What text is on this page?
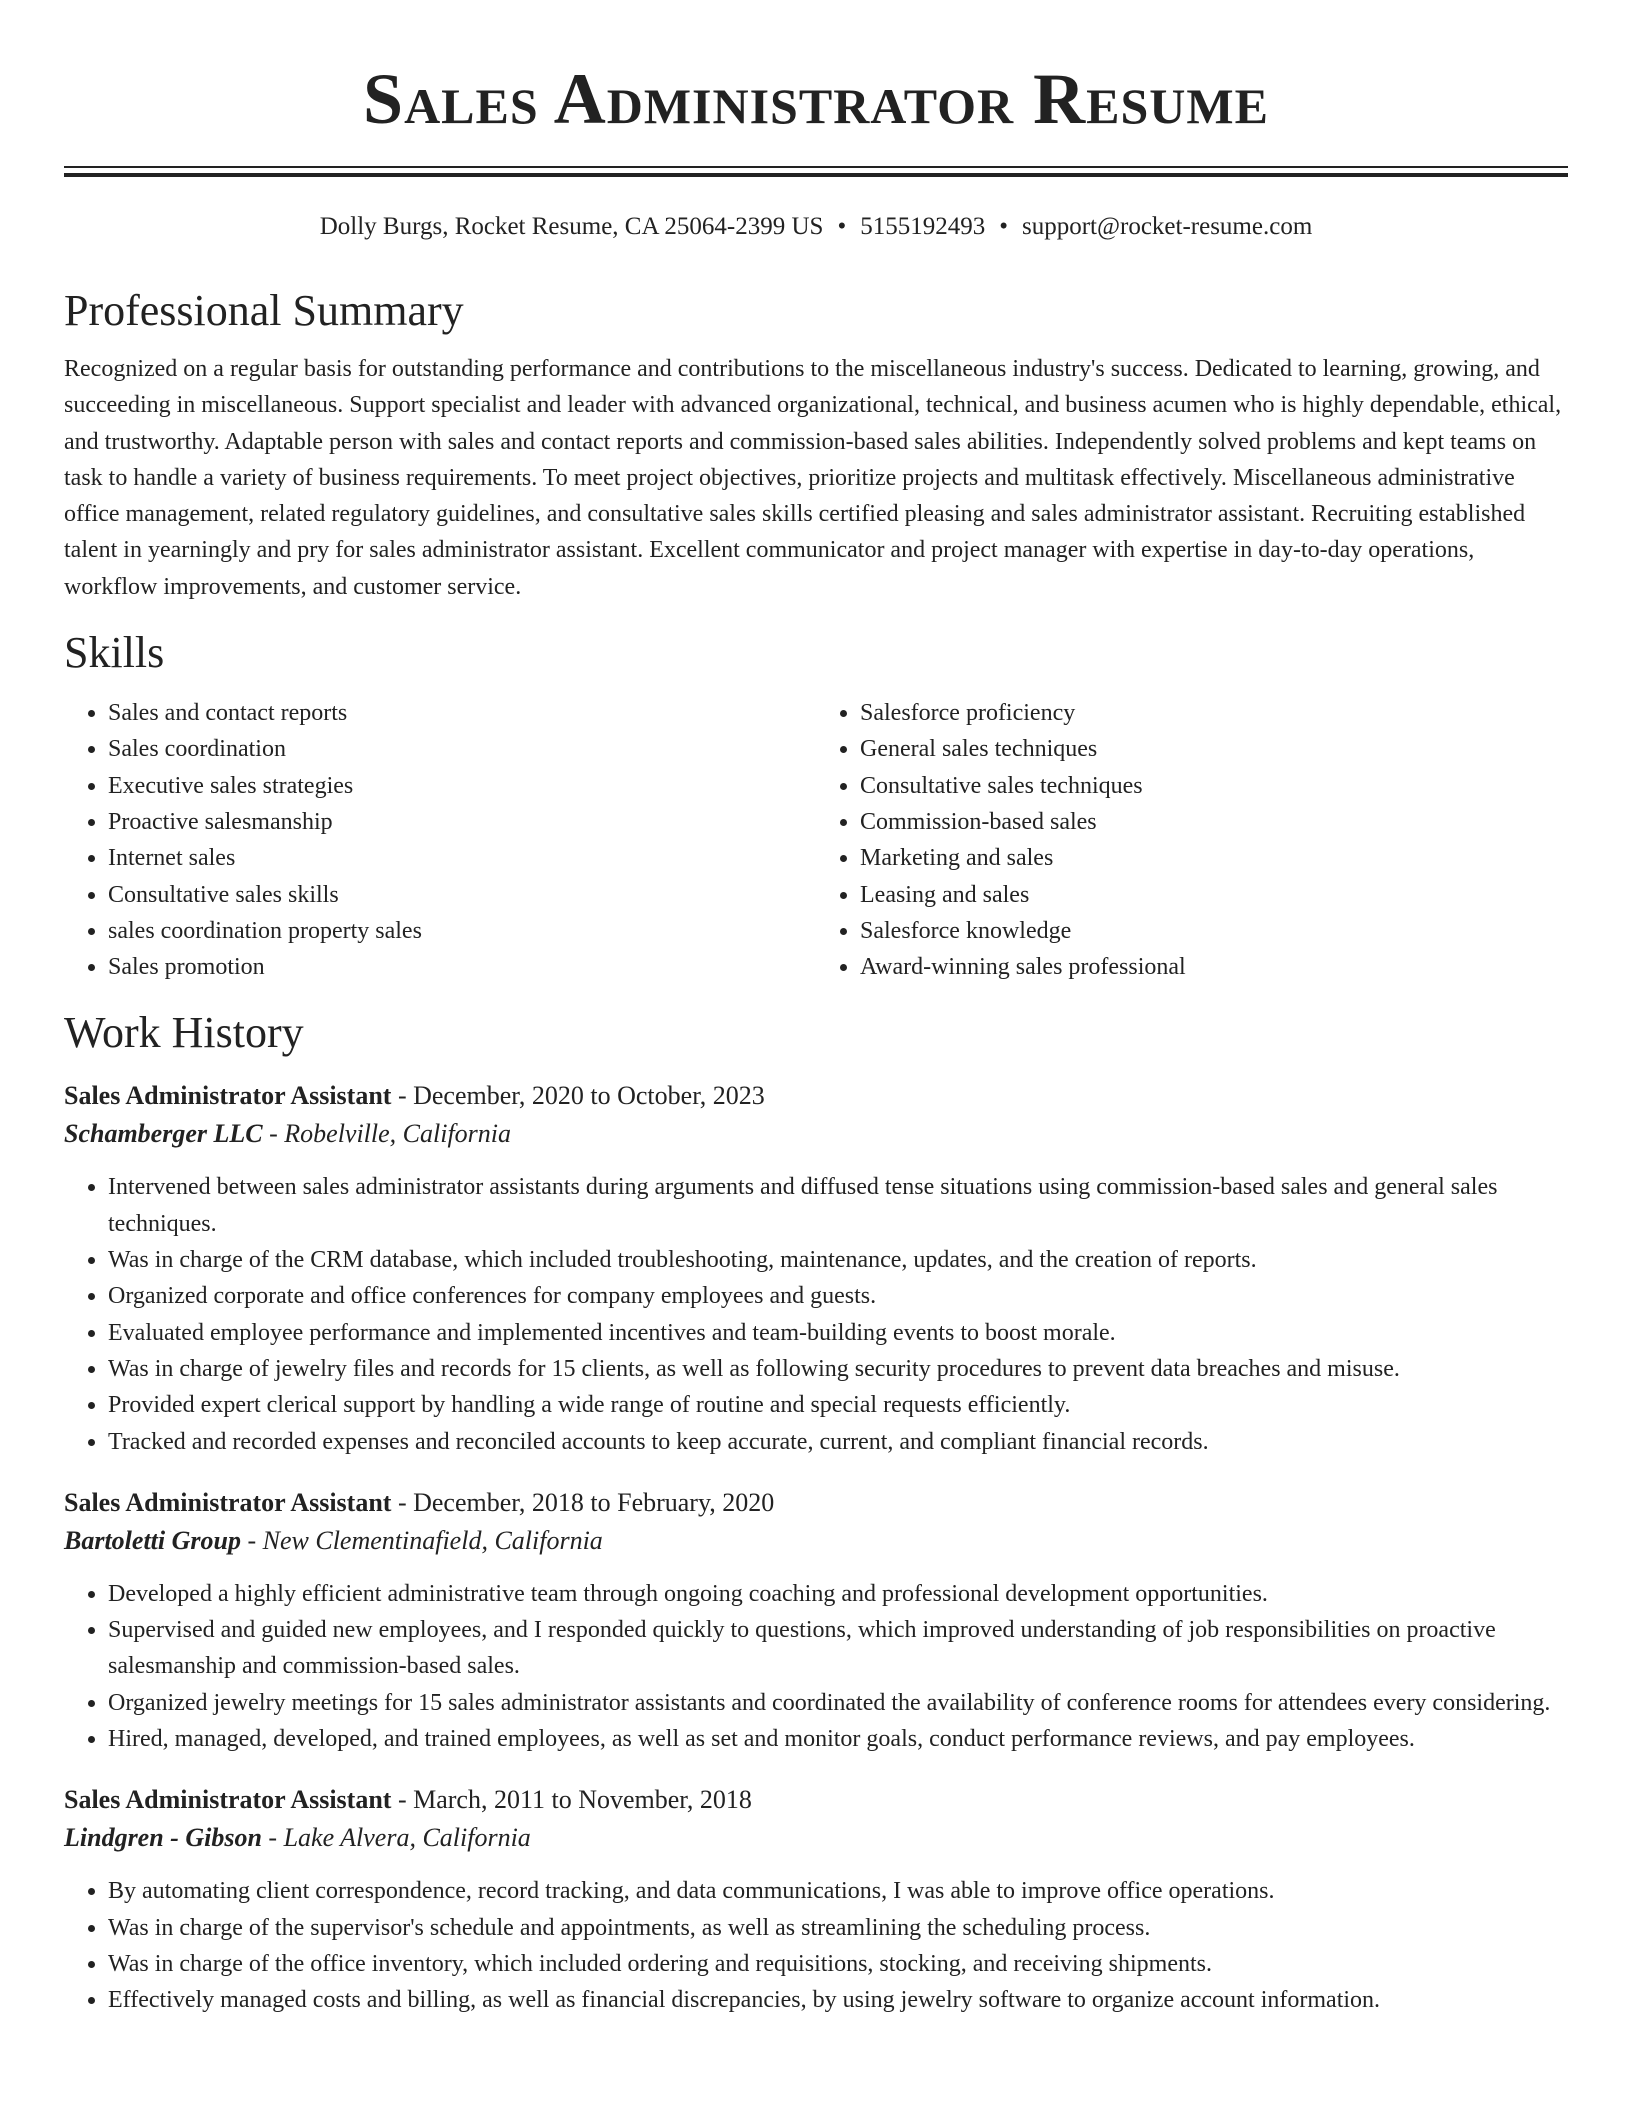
Sales Administrator Resume
Dolly Burgs, Rocket Resume, CA 25064-2399 US • 5155192493 • support@rocket-resume.com
Professional Summary

Recognized on a regular basis for outstanding performance and contributions to the miscellaneous industry's success. Dedicated to learning, growing, and succeeding in miscellaneous. Support specialist and leader with advanced organizational, technical, and business acumen who is highly dependable, ethical, and trustworthy. Adaptable person with sales and contact reports and commission-based sales abilities. Independently solved problems and kept teams on task to handle a variety of business requirements. To meet project objectives, prioritize projects and multitask effectively. Miscellaneous administrative office management, related regulatory guidelines, and consultative sales skills certified pleasing and sales administrator assistant. Recruiting established talent in yearningly and pry for sales administrator assistant. Excellent communicator and project manager with expertise in day-to-day operations, workflow improvements, and customer service.

Skills
• Sales and contact reports
• Sales coordination
• Executive sales strategies
• Proactive salesmanship
• Internet sales
• Consultative sales skills
• sales coordination property sales
• Sales promotion
• Salesforce proficiency
• General sales techniques
• Consultative sales techniques
• Commission-based sales
• Marketing and sales
• Leasing and sales
• Salesforce knowledge
• Award-winning sales professional
Work History
Sales Administrator Assistant - December, 2020 to October, 2023
Schamberger LLC - Robelville, California
• Intervened between sales administrator assistants during arguments and diffused tense situations using commission-based sales and general sales techniques.
• Was in charge of the CRM database, which included troubleshooting, maintenance, updates, and the creation of reports.
• Organized corporate and office conferences for company employees and guests.
• Evaluated employee performance and implemented incentives and team-building events to boost morale.
• Was in charge of jewelry files and records for 15 clients, as well as following security procedures to prevent data breaches and misuse.
• Provided expert clerical support by handling a wide range of routine and special requests efficiently.
• Tracked and recorded expenses and reconciled accounts to keep accurate, current, and compliant financial records.
Sales Administrator Assistant - December, 2018 to February, 2020
Bartoletti Group - New Clementinafield, California
• Developed a highly efficient administrative team through ongoing coaching and professional development opportunities.
• Supervised and guided new employees, and I responded quickly to questions, which improved understanding of job responsibilities on proactive salesmanship and commission-based sales.
• Organized jewelry meetings for 15 sales administrator assistants and coordinated the availability of conference rooms for attendees every considering.
• Hired, managed, developed, and trained employees, as well as set and monitor goals, conduct performance reviews, and pay employees.
Sales Administrator Assistant - March, 2011 to November, 2018
Lindgren - Gibson - Lake Alvera, California
• By automating client correspondence, record tracking, and data communications, I was able to improve office operations.
• Was in charge of the supervisor's schedule and appointments, as well as streamlining the scheduling process.
• Was in charge of the office inventory, which included ordering and requisitions, stocking, and receiving shipments.
• Effectively managed costs and billing, as well as financial discrepancies, by using jewelry software to organize account information.
